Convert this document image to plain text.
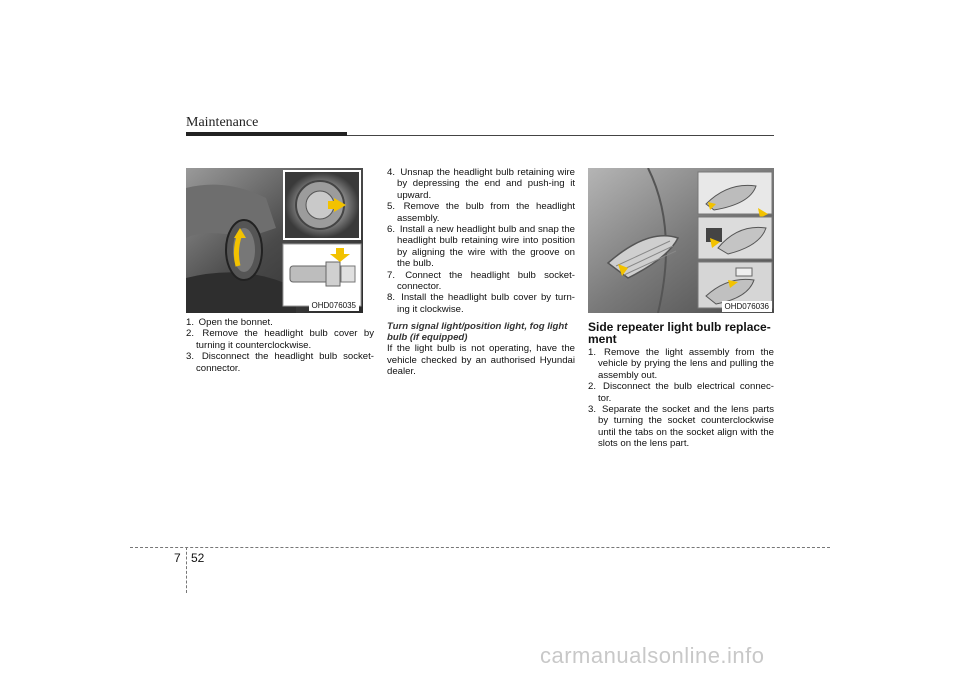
Maintenance
OHD076035
1. Open the bonnet.
2. Remove the headlight bulb cover by turning it counterclockwise.
3. Disconnect the headlight bulb socket-connector.
4. Unsnap the headlight bulb retaining wire by depressing the end and push-ing it upward.
5. Remove the bulb from the headlight assembly.
6. Install a new headlight bulb and snap the headlight bulb retaining wire into position by aligning the wire with the groove on the bulb.
7. Connect the headlight bulb socket-connector.
8. Install the headlight bulb cover by turn-ing it clockwise.
Turn signal light/position light, fog light bulb (if equipped)

If the light bulb is not operating, have the vehicle checked by an authorised Hyundai dealer.

OHD076036
Side repeater light bulb replace-ment
1. Remove the light assembly from the vehicle by prying the lens and pulling the assembly out.
2. Disconnect the bulb electrical connec-tor.
3. Separate the socket and the lens parts by turning the socket counterclockwise until the tabs on the socket align with the slots on the lens part.
7 52
carmanualsonline.info
